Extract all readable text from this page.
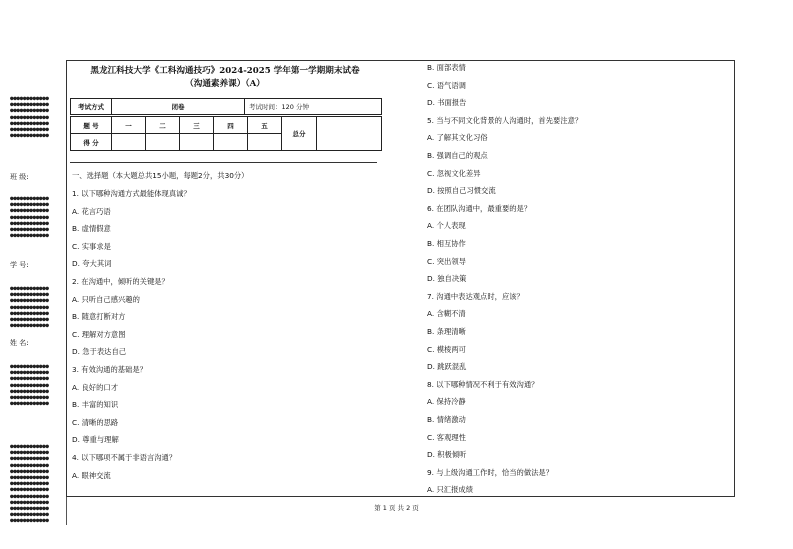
●●●●●●●●●●●●
●●●●●●●●●●●●
●●●●●●●●●●●●
●●●●●●●●●●●●
●●●●●●●●●●●●
●●●●●●●●●●●●
●●●●●●●●●●●●
●●●●●●●●●●●●
●●●●●●●●●●●●
●●●●●●●●●●●●
●●●●●●●●●●●●
●●●●●●●●●●●●
●●●●●●●●●●●●
●●●●●●●●●●●●
●●●●●●●●●●●●
●●●●●●●●●●●●
●●●●●●●●●●●●
●●●●●●●●●●●●
●●●●●●●●●●●●
●●●●●●●●●●●●
●●●●●●●●●●●●
●●●●●●●●●●●●
●●●●●●●●●●●●
●●●●●●●●●●●●
●●●●●●●●●●●●
●●●●●●●●●●●●
●●●●●●●●●●●●
●●●●●●●●●●●●
●●●●●●●●●●●●
●●●●●●●●●●●●
●●●●●●●●●●●●
●●●●●●●●●●●●
●●●●●●●●●●●●
●●●●●●●●●●●●
●●●●●●●●●●●●
●●●●●●●●●●●●
●●●●●●●●●●●●
●●●●●●●●●●●●
●●●●●●●●●●●●
●●●●●●●●●●●●
●●●●●●●●●●●●
班 级:
学 号:
姓 名:
黑龙江科技大学《工科沟通技巧》2024-2025 学年第一学期期末试卷
（沟通素养课）（A）
考试方式	闭卷	考试时间：120 分钟
题 号	一	二	三	四	五	总分	
得 分							
一、选择题（本大题总共15小题，每题2分，共30分）
1. 以下哪种沟通方式最能体现真诚？
A. 花言巧语
B. 虚情假意
C. 实事求是
D. 夸大其词
2. 在沟通中，倾听的关键是？
A. 只听自己感兴趣的
B. 随意打断对方
C. 理解对方意图
D. 急于表达自己
3. 有效沟通的基础是？
A. 良好的口才
B. 丰富的知识
C. 清晰的思路
D. 尊重与理解
4. 以下哪项不属于非语言沟通？
A. 眼神交流
B. 面部表情
C. 语气语调
D. 书面报告
5. 当与不同文化背景的人沟通时，首先要注意？
A. 了解其文化习俗
B. 强调自己的观点
C. 忽视文化差异
D. 按照自己习惯交流
6. 在团队沟通中，最重要的是？
A. 个人表现
B. 相互协作
C. 突出领导
D. 独自决策
7. 沟通中表达观点时，应该？
A. 含糊不清
B. 条理清晰
C. 模棱两可
D. 跳跃混乱
8. 以下哪种情况不利于有效沟通？
A. 保持冷静
B. 情绪激动
C. 客观理性
D. 积极倾听
9. 与上级沟通工作时，恰当的做法是？
A. 只汇报成绩
第 1 页 共 2 页
